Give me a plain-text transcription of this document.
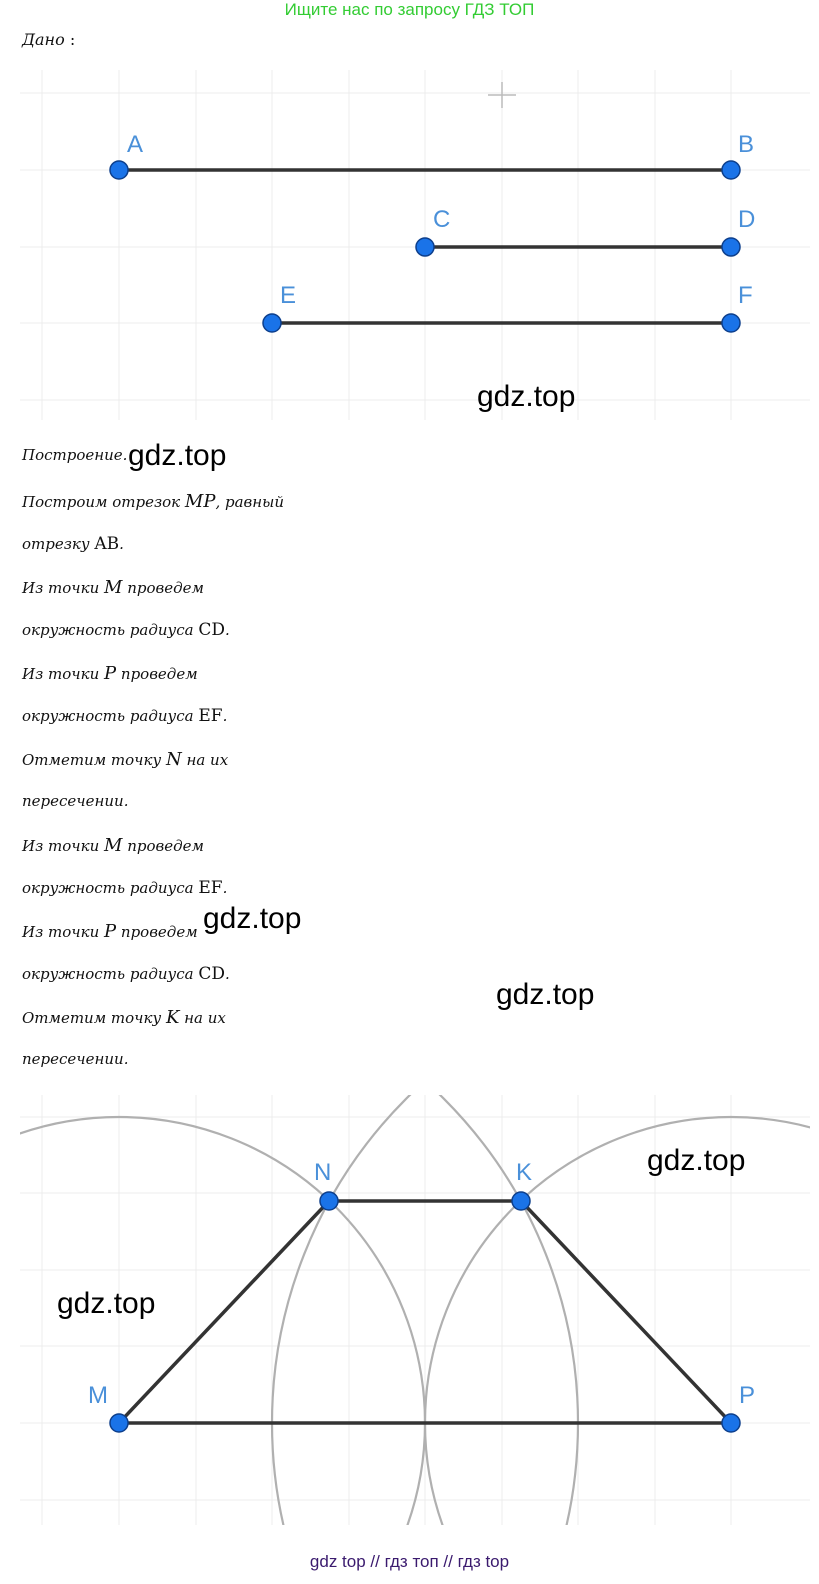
Ищите нас по запросу ГДЗ ТОП
Дано :
A	B
C	D
E	F
gdz.top
Построение. gdz.top
Построим отрезок MP, равный
отрезку AB.
Из точки M проведем
окружность радиуса CD.
Из точки P проведем
окружность радиуса EF.
Отметим точку N на их
пересечении.
Из точки M проведем
окружность радиуса EF.
Из точки P проведем
окружность радиуса CD.
Отметим точку K на их
пересечении.
gdz.top
gdz.top
M	P
N	K	gdz.top
gdz.top
gdz top // гдз топ // гдз top
